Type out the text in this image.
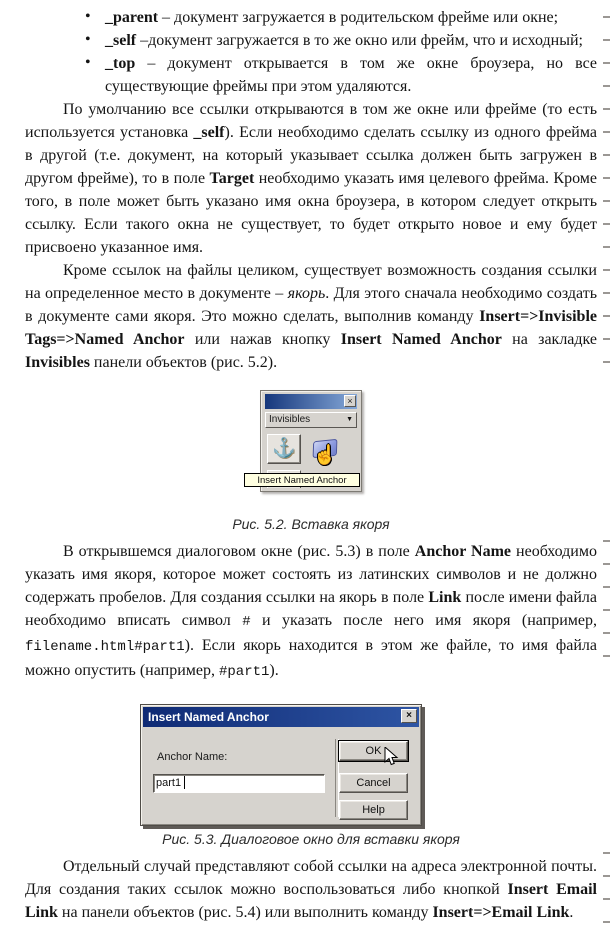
• _parent – документ загружается в родительском фрейме или окне;
• _self –документ загружается в то же окно или фрейм, что и исходный;
• _top – документ открывается в том же окне броузера, но все существующие фреймы при этом удаляются.

По умолчанию все ссылки открываются в том же окне или фрейме (то есть используется установка _self). Если необходимо сделать ссылку из одного фрейма в другой (т.е. документ, на который указывает ссылка должен быть загружен в другом фрейме), то в поле Target необходимо указать имя целевого фрейма. Кроме того, в поле может быть указано имя окна броузера, в котором следует открыть ссылку. Если такого окна не существует, то будет открыто новое и ему будет присвоено указанное имя.

Кроме ссылок на файлы целиком, существует возможность создания ссылки на определенное место в документе – якорь. Для этого сначала необходимо создать в документе сами якоря. Это можно сделать, выполнив команду Insert=>Invisible Tags=>Named Anchor или нажав кнопку Insert Named Anchor на закладке Invisibles панели объектов (рис. 5.2).

×
Invisibles	▼
⚓ ☝
Insert Named Anchor
Рис. 5.2. Вставка якоря

В открывшемся диалоговом окне (рис. 5.3) в поле Anchor Name необходимо указать имя якоря, которое может состоять из латинских символов и не должно содержать пробелов. Для создания ссылки на якорь в поле Link после имени файла необходимо вписать символ # и указать после него имя якоря (например, filename.html#part1). Если якорь находится в этом же файле, то имя файла можно опустить (например, #part1).

Insert Named Anchor	×
Anchor Name:
part1	OK
Cancel
Help
Рис. 5.3. Диалоговое окно для вставки якоря

Отдельный случай представляют собой ссылки на адреса электронной почты. Для создания таких ссылок можно воспользоваться либо кнопкой Insert Email Link на панели объектов (рис. 5.4) или выполнить команду Insert=>Email Link.
